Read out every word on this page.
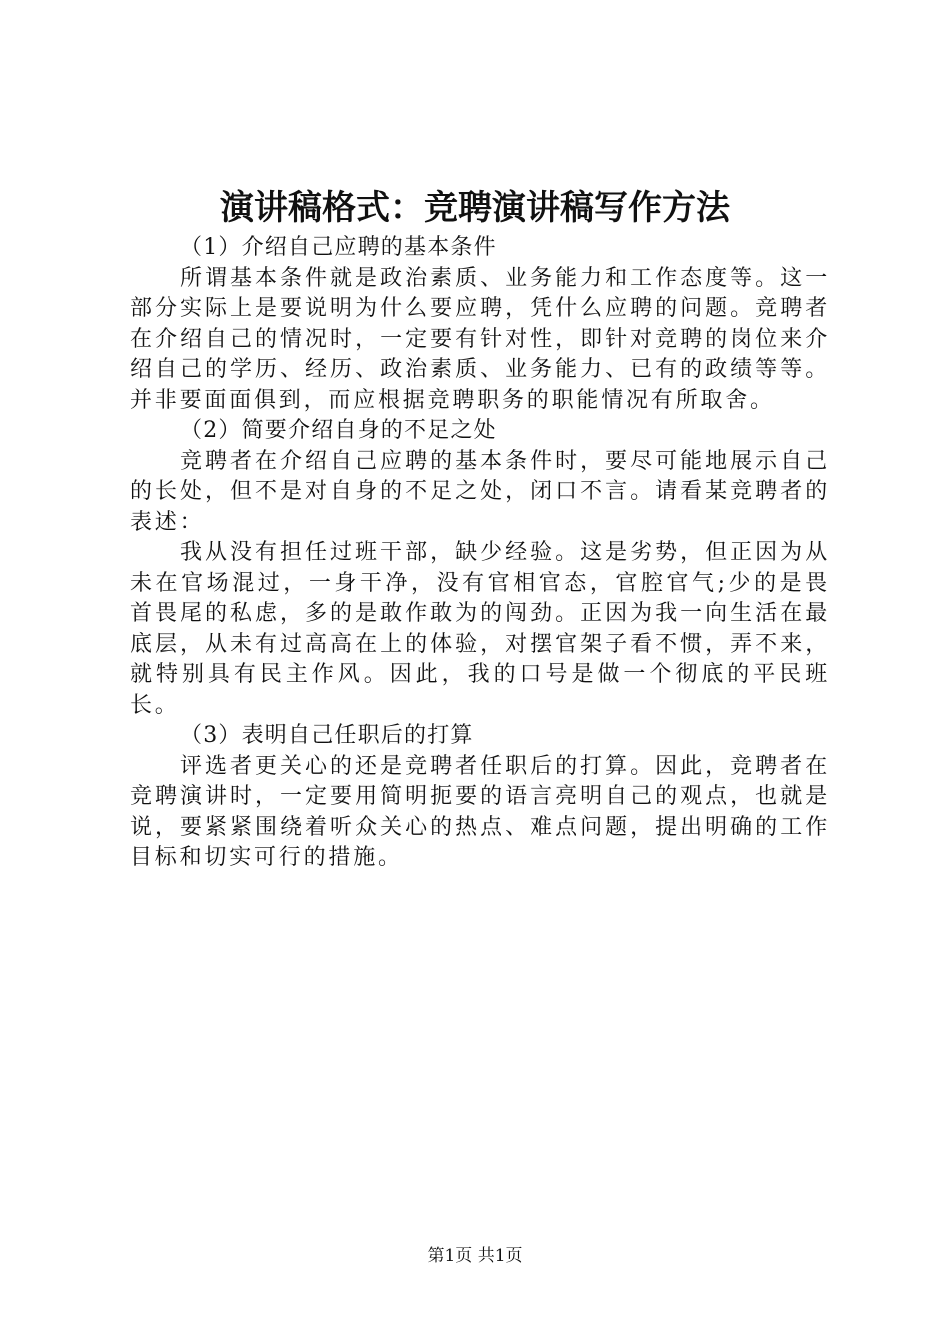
演讲稿格式：竞聘演讲稿写作方法

（1）介绍自己应聘的基本条件

所谓基本条件就是政治素质、业务能力和工作态度等。这一部分实际上是要说明为什么要应聘，凭什么应聘的问题。竞聘者在介绍自己的情况时，一定要有针对性，即针对竞聘的岗位来介绍自己的学历、经历、政治素质、业务能力、已有的政绩等等。并非要面面俱到，而应根据竞聘职务的职能情况有所取舍。

（2）简要介绍自身的不足之处

竞聘者在介绍自己应聘的基本条件时，要尽可能地展示自己的长处，但不是对自身的不足之处，闭口不言。请看某竞聘者的表述：

我从没有担任过班干部，缺少经验。这是劣势，但正因为从未在官场混过，一身干净，没有官相官态，官腔官气;少的是畏首畏尾的私虑，多的是敢作敢为的闯劲。正因为我一向生活在最底层，从未有过高高在上的体验，对摆官架子看不惯，弄不来，就特别具有民主作风。因此，我的口号是做一个彻底的平民班长。

（3）表明自己任职后的打算

评选者更关心的还是竞聘者任职后的打算。因此，竞聘者在竞聘演讲时，一定要用简明扼要的语言亮明自己的观点，也就是说，要紧紧围绕着听众关心的热点、难点问题，提出明确的工作目标和切实可行的措施。

第1页 共1页
